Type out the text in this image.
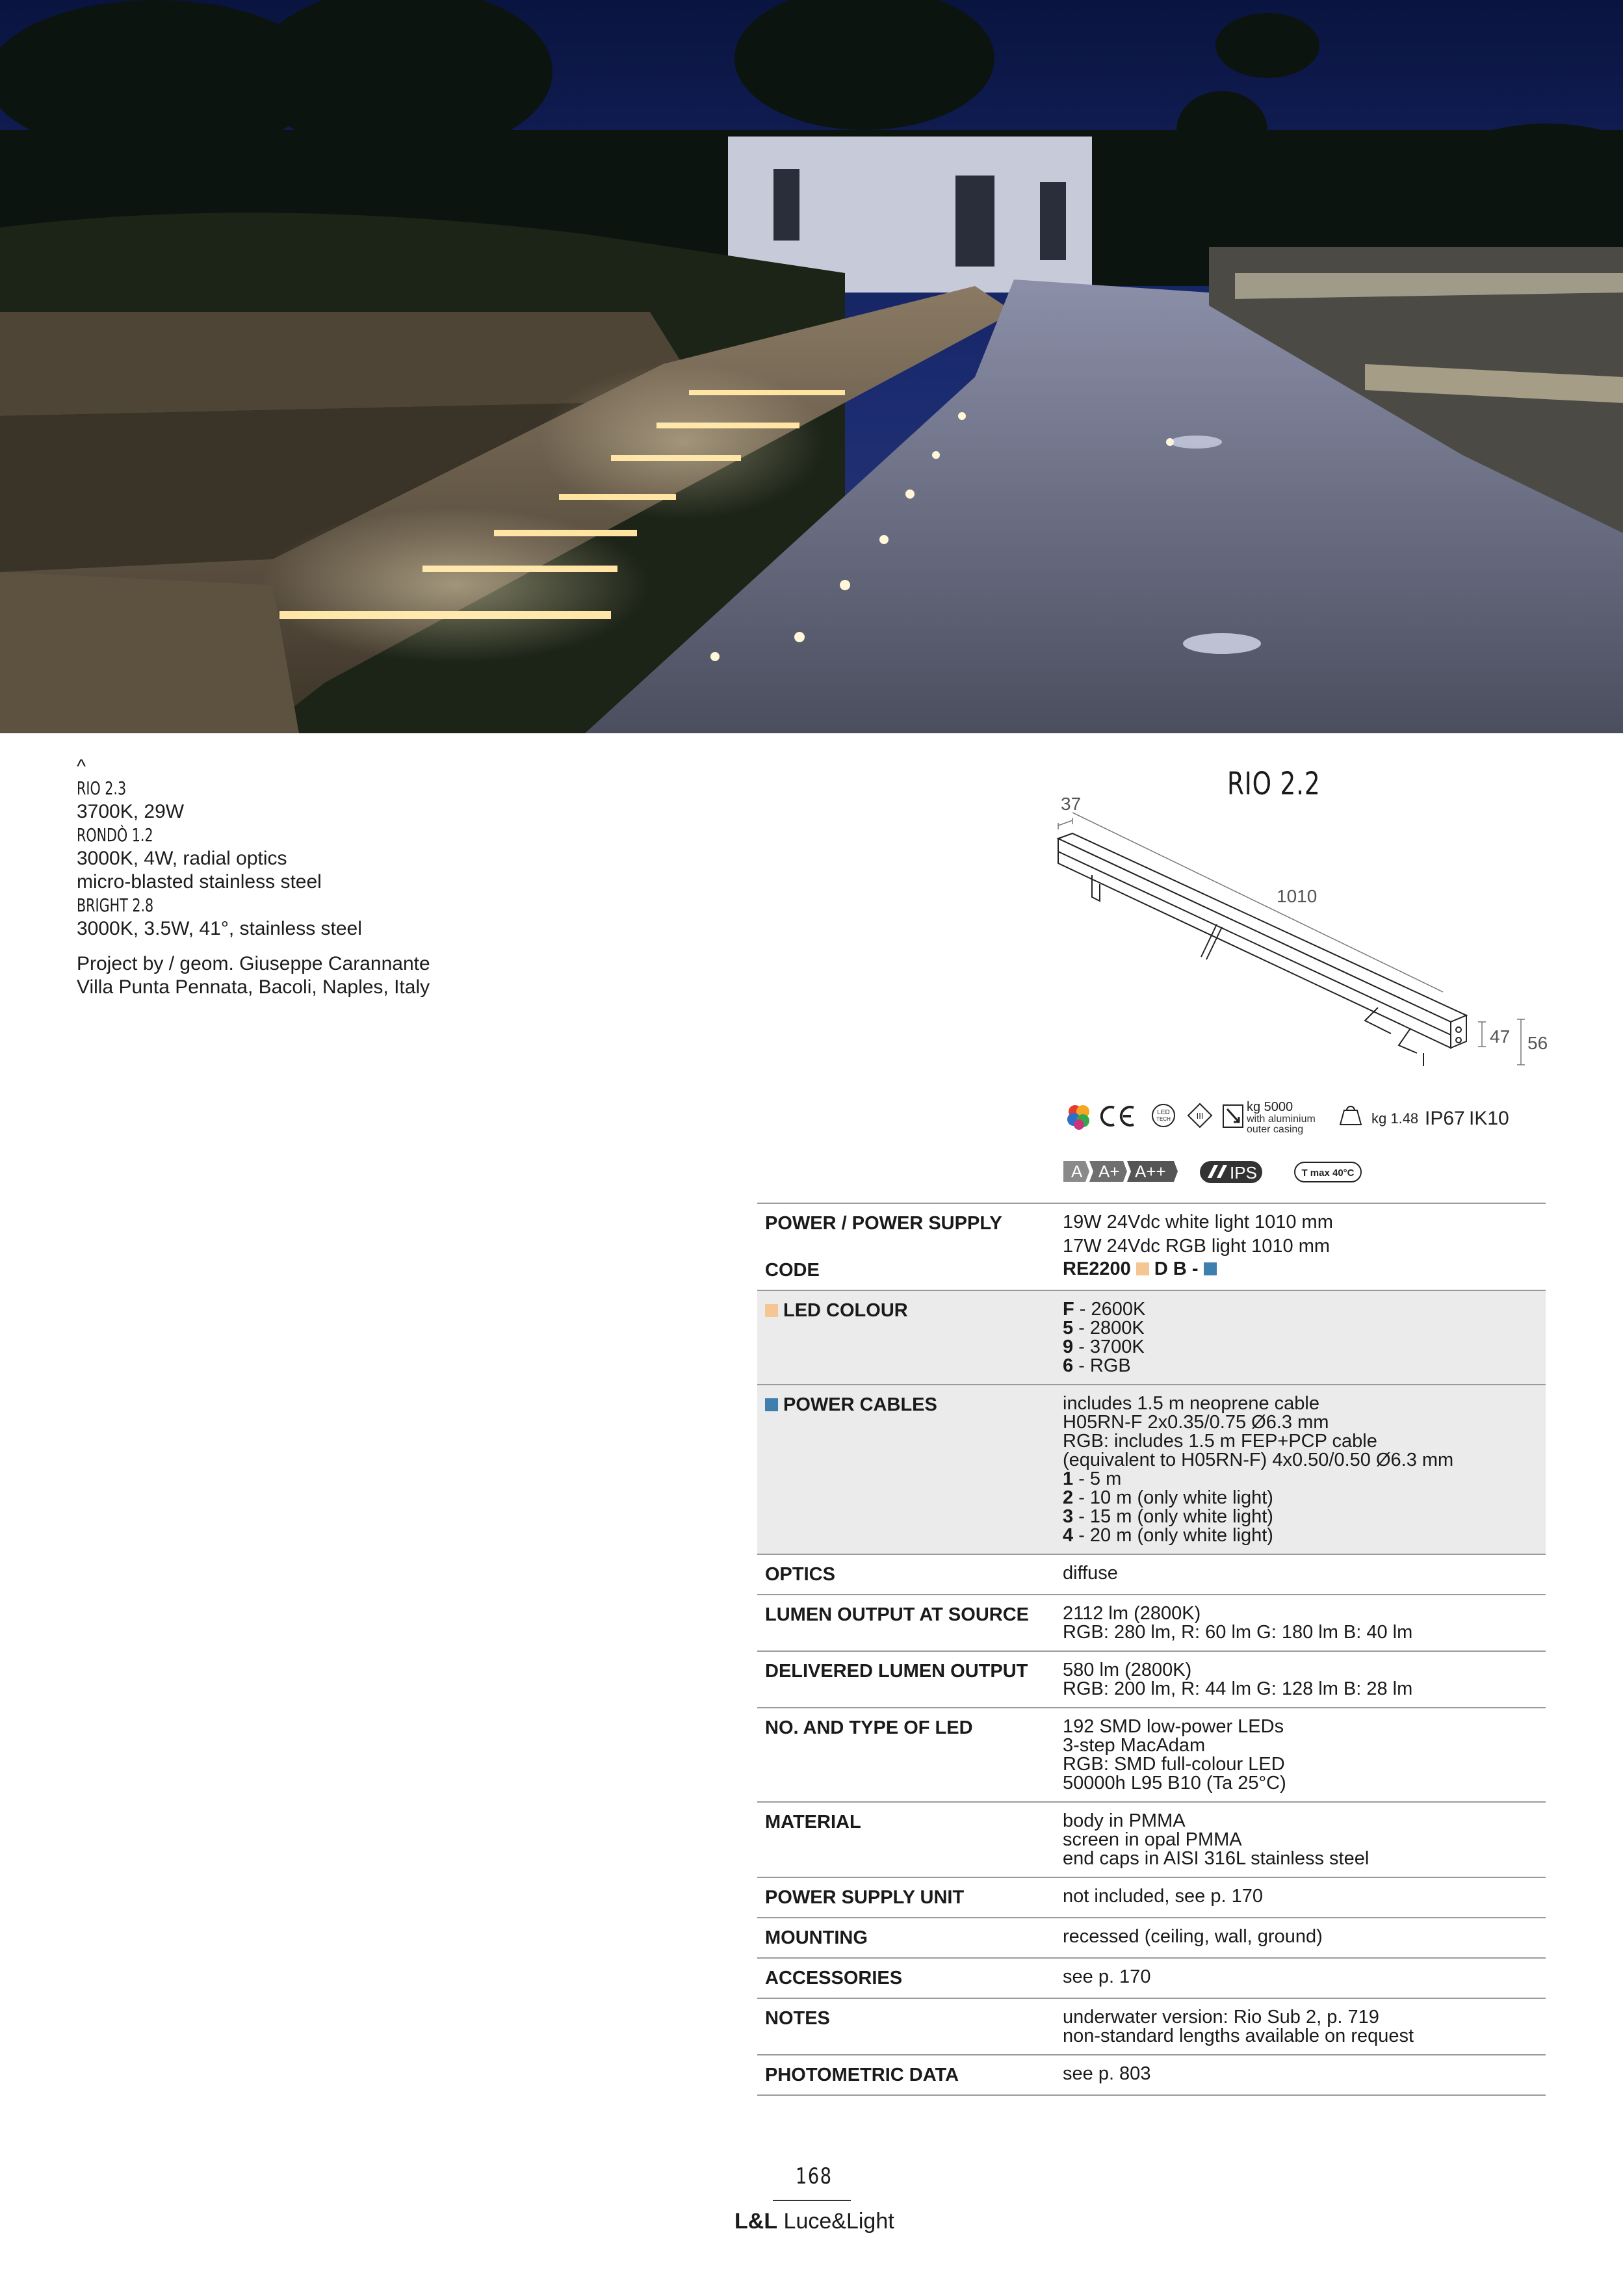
^
RIO 2.3
3700K, 29W
RONDÒ 1.2
3000K, 4W, radial optics
micro-blasted stainless steel
BRIGHT 2.8
3000K, 3.5W, 41°, stainless steel
Project by / geom. Giuseppe Carannante
Villa Punta Pennata, Bacoli, Naples, Italy
RIO 2.2
37
1010
47 56
LED
TECH	III
kg 5000
with aluminium
outer casing
kg 1.48 IP67 IK10
A A+ A++	IPS	T max 40°C
POWER / POWER SUPPLY	19W 24Vdc white light 1010 mm
17W 24Vdc RGB light 1010 mm
CODE	RE2200 D B -
LED COLOUR	F - 2600K
5 - 2800K
9 - 3700K
6 - RGB
POWER CABLES	includes 1.5 m neoprene cable
H05RN-F 2x0.35/0.75 Ø6.3 mm
RGB: includes 1.5 m FEP+PCP cable
(equivalent to H05RN-F) 4x0.50/0.50 Ø6.3 mm
1 - 5 m
2 - 10 m (only white light)
3 - 15 m (only white light)
4 - 20 m (only white light)
OPTICS	diffuse
LUMEN OUTPUT AT SOURCE	2112 lm (2800K)
RGB: 280 lm, R: 60 lm G: 180 lm B: 40 lm
DELIVERED LUMEN OUTPUT	580 lm (2800K)
RGB: 200 lm, R: 44 lm G: 128 lm B: 28 lm
NO. AND TYPE OF LED	192 SMD low-power LEDs
3-step MacAdam
RGB: SMD full-colour LED
50000h L95 B10 (Ta 25°C)
MATERIAL	body in PMMA
screen in opal PMMA
end caps in AISI 316L stainless steel
POWER SUPPLY UNIT	not included, see p. 170
MOUNTING	recessed (ceiling, wall, ground)
ACCESSORIES	see p. 170
NOTES	underwater version: Rio Sub 2, p. 719
non-standard lengths available on request
PHOTOMETRIC DATA	see p. 803
168
L&L Luce&Light
